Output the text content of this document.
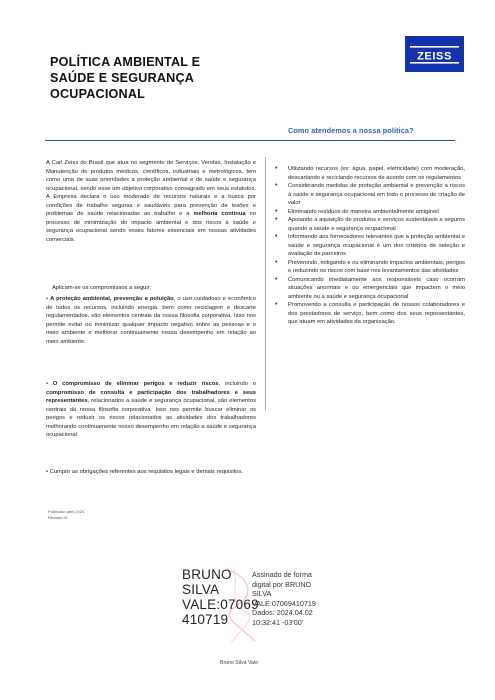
POLÍTICA AMBIENTAL E
SAÚDE E SEGURANÇA
OCUPACIONAL
ZEISS
Como atendemos a nossa política?
A Carl Zeiss do Brasil que atua no segmento de Serviços, Vendas, Instalação e Manutenção de produtos médicos, científicos, industriais e metrológicos, tem como uma de suas prioridades a proteção ambiental e de saúde e segurança ocupacional, sendo esse um objetivo corporativo consagrado em seus estatutos. A Empresa declara o uso moderado de recursos naturais e a busca por condições de trabalho seguras e saudáveis para prevenção de lesões e problemas de saúde relacionadas ao trabalho e a melhoria contínua no processo de minimização do impacto ambiental e dos riscos à saúde e segurança ocupacional sendo esses fatores essenciais em nossas atividades comerciais.
Aplicam-se os compromissos a seguir:
• A proteção ambiental, prevenção a poluição, o uso cuidadoso e econômico de todos os recursos, incluindo energia, bem como reciclagem e descarte regulamentados, são elementos centrais da nossa filosofia corporativa. Isso nos permite evitar ou minimizar qualquer impacto negativo sobre as pessoas e o meio ambiente e melhorar continuamente nosso desempenho em relação ao meio ambiente.
• O compromisso de eliminar perigos e reduzir riscos, incluindo o compromisso de consulta e participação dos trabalhadores e seus representantes, relacionados a saúde e segurança ocupacional, são elementos centrais da nossa filosofia corporativa. Isso nos permite buscar eliminar os perigos e reduzir os riscos relacionados as atividades dos trabalhadores melhorando continuamente nosso desempenho em relação a saúde e segurança ocupacional
• Cumprir as obrigações referentes aos requisitos legais e demais requisitos.
• Utilizando recursos (ex: água, papel, eletricidade) com moderação, descartando e reciclando recursos de acordo com os regulamentos
• Considerando medidas de proteção ambiental e prevenção a riscos à saúde e segurança ocupacional em todo o processo de criação de valor
• Eliminando resíduos de maneira ambientalmente amigável
• Apoiando a aquisição de produtos e serviços sustentáveis e seguros quando a saúde e segurança ocupacional
• Informando aos fornecedores relevantes que a proteção ambiental e saúde e segurança ocupacional é um dos critérios de seleção e avaliação de parceiros
• Prevenindo, mitigando e ou eliminando impactos ambientais, perigos e reduzindo os riscos com base nos levantamentos das atividades
• Comunicando imediatamente aos responsáveis caso ocorram situações anormais e ou emergenciais que impactem o meio ambiente ou a saúde e segurança ocupacional
• Promovendo a consulta e participação de nossos colaboradores e dos prestadores de serviço, bem como dos seus representantes, que atuam em atividades da organização.
Publicado abril 2024
Revisão 01
BRUNO
SILVA
VALE:07069
410719
Assinado de forma
digital por BRUNO
SILVA
VALE:07069410719
Dados: 2024.04.02
10:32:41 -03'00'
Bruno Silva Vale
